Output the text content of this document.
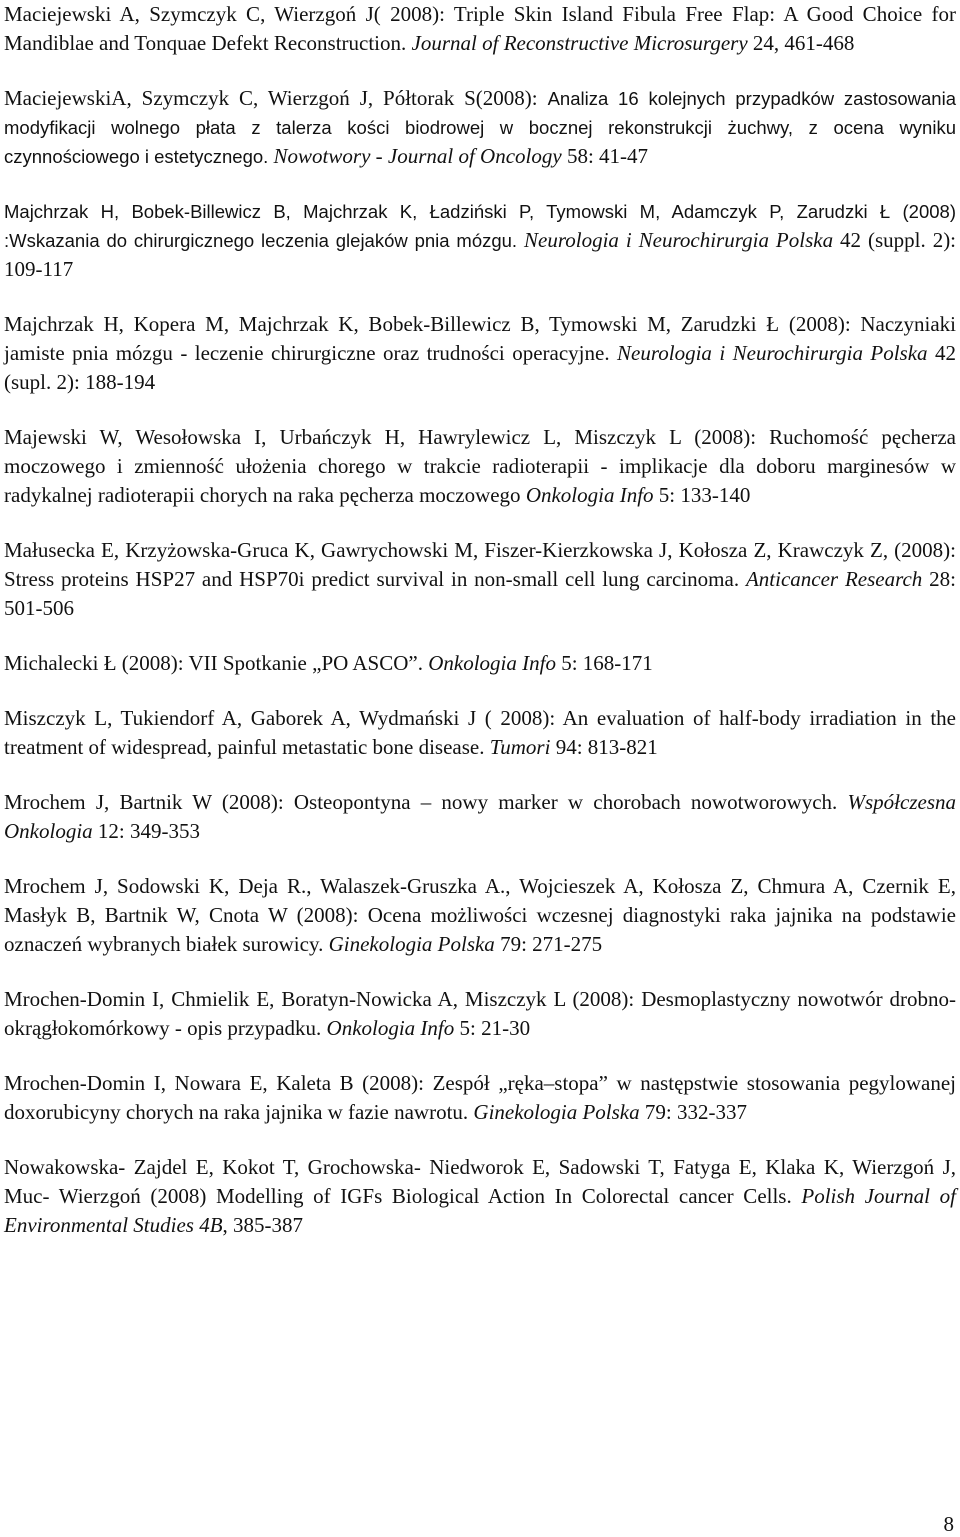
Maciejewski A, Szymczyk C, Wierzgoń J( 2008): Triple Skin Island Fibula Free Flap: A Good Choice for Mandiblae and Tonquae Defekt Reconstruction. Journal of Reconstructive Microsurgery 24, 461-468

MaciejewskiA, Szymczyk C, Wierzgoń J, Półtorak S(2008): Analiza 16 kolejnych przypadków zastosowania modyfikacji wolnego płata z talerza kości biodrowej w bocznej rekonstrukcji żuchwy, z ocena wyniku czynnościowego i estetycznego. Nowotwory - Journal of Oncology 58: 41-47

Majchrzak H, Bobek-Billewicz B, Majchrzak K, Ładziński P, Tymowski M, Adamczyk P, Zarudzki Ł (2008) :Wskazania do chirurgicznego leczenia glejaków pnia mózgu. Neurologia i Neurochirurgia Polska 42 (suppl. 2): 109-117

Majchrzak H, Kopera M, Majchrzak K, Bobek-Billewicz B, Tymowski M, Zarudzki Ł (2008): Naczyniaki jamiste pnia mózgu - leczenie chirurgiczne oraz trudności operacyjne. Neurologia i Neurochirurgia Polska 42 (supl. 2): 188-194

Majewski W, Wesołowska I, Urbańczyk H, Hawrylewicz L, Miszczyk L (2008): Ruchomość pęcherza moczowego i zmienność ułożenia chorego w trakcie radioterapii - implikacje dla doboru marginesów w radykalnej radioterapii chorych na raka pęcherza moczowego Onkologia Info 5: 133-140

Małusecka E, Krzyżowska-Gruca K, Gawrychowski M, Fiszer-Kierzkowska J, Kołosza Z, Krawczyk Z, (2008): Stress proteins HSP27 and HSP70i predict survival in non-small cell lung carcinoma. Anticancer Research 28: 501-506

Michalecki Ł (2008): VII Spotkanie „PO ASCO”. Onkologia Info 5: 168-171

Miszczyk L, Tukiendorf A, Gaborek A, Wydmański J ( 2008): An evaluation of half-body irradiation in the treatment of widespread, painful metastatic bone disease. Tumori 94: 813-821

Mrochem J, Bartnik W (2008): Osteopontyna – nowy marker w chorobach nowotworowych. Współczesna Onkologia 12: 349-353

Mrochem J, Sodowski K, Deja R., Walaszek-Gruszka A., Wojcieszek A, Kołosza Z, Chmura A, Czernik E, Masłyk B, Bartnik W, Cnota W (2008): Ocena możliwości wczesnej diagnostyki raka jajnika na podstawie oznaczeń wybranych białek surowicy. Ginekologia Polska 79: 271-275

Mrochen-Domin I, Chmielik E, Boratyn-Nowicka A, Miszczyk L (2008): Desmoplastyczny nowotwór drobno-okrągłokomórkowy - opis przypadku. Onkologia Info 5: 21-30

Mrochen-Domin I, Nowara E, Kaleta B (2008): Zespół „ręka–stopa” w następstwie stosowania pegylowanej doxorubicyny chorych na raka jajnika w fazie nawrotu. Ginekologia Polska 79: 332-337

Nowakowska- Zajdel E, Kokot T, Grochowska- Niedworok E, Sadowski T, Fatyga E, Klaka K, Wierzgoń J, Muc- Wierzgoń (2008) Modelling of IGFs Biological Action In Colorectal cancer Cells. Polish Journal of Environmental Studies 4B, 385-387

8
